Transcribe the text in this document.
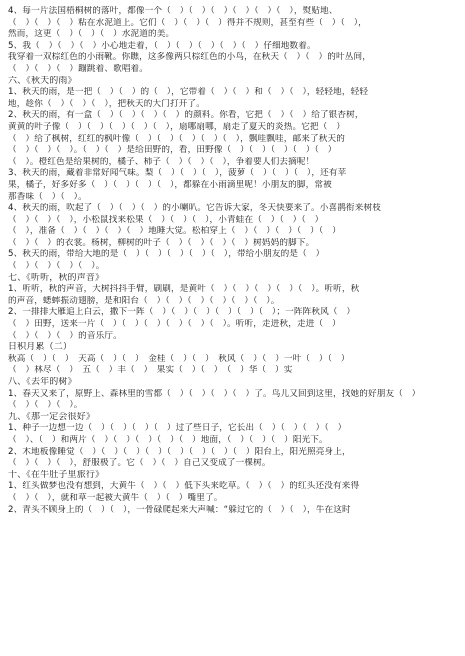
4、每一片法国梧桐树的落叶，都像一个（　）（　）（　）（　）（　）（　），熨贴地、
（　）（　）（　）粘在水泥道上。它们（　）（　）（　）得并不规则，甚至有些（　）（　），
然而，这更（　）（　）（　）水泥道的美。
5、我（　）（　）（　）小心地走着，（　）（　）（　）（　）（　）仔细地数着。
我穿着一双棕红色的小雨靴。你瞧，这多像两只棕红色的小鸟，在秋天（　）（　）的叶丛间，
（　）（　）（　）蹦跳着、歌唱着。
六、《秋天的雨》
1、秋天的雨，是一把（　）（　）的（　），它带着（　）（　）和（　）（　），轻轻地，轻轻
地，趁你（　）（　）（　），把秋天的大门打开了。
2、秋天的雨，有一盒（　）（　）（　）（　）的颜料。你看，它把（　）（　）给了银杏树，
黄黄的叶子像（　）（　）（　）（　）（　），扇哪扇哪，扇走了夏天的炎热。它把（　）
（　）给了枫树，红红的枫叶像（　）（　）（　）（　）（　），飘哇飘哇，邮来了秋天的
（　）（　）（　）。（　）（　）是给田野的，看，田野像（　）（　）（　）（　）（　）
（　）。橙红色是给果树的，橘子、柿子（　）（　）（　），争着要人们去摘呢！
3、秋天的雨，藏着非常好闻气味。梨（　）（　）（　），菠萝（　）（　）（　），还有苹
果，橘子，好多好多（　）（　）（　）（　），都躲在小雨滴里呢！小朋友的脚，常被
那香味（　）（　）。
4、秋天的雨，吹起了（　）（　）（　）的小喇叭。它告诉大家，冬天快要来了。小喜鹊衔来树枝
（　）（　）（　），小松鼠找来松果（　）（　）（　），小青蛙在（　）（　）（　）
（　），准备（　）（　）（　）（　）地睡大觉。松柏穿上（　）（　）（　）（　）（　）
（　）（　）的衣裳。杨树，柳树的叶子（　）（　）（　）（　）树妈妈的脚下。
5、秋天的雨，带给大地的是（　）（　）（　）（　）（　），带给小朋友的是（　）
（　）（　）（　）（　）。
七、《听听，秋的声音》
1、听听，秋的声音，大树抖抖手臂，刷刷，是黄叶（　）（　）（　）（　）（　）。听听，秋
的声音，蟋蟀振动翅膀，是和阳台（　）（　）（　）（　）（　）（　）。
2、一排排大雁追上白云，撒下一阵（　）（　）（　）（　）（　）（　）；一阵阵秋风（　）
（　）田野，送来一片（　）（　）（　）（　）（　）（　）。听听，走进秋，走进（　）
（　）（　）（　）的音乐厅。
日积月累（二）
秋高（　）（　）　天高（　）（　）　金桂（　）（　）　秋风（　）（　）一叶（　）（　）
（　）林尽（　）　五（　）丰（　）　果实（　）（　）　（　）华（　）实
八、《去年的树》
1、春天又来了，原野上、森林里的雪都（　）（　）（　）（　）了。鸟儿又回到这里，找她的好朋友（　）
（　）（　）（　）。
九、《那一定会很好》
1、种子一边想一边（　）（　）（　）（　）过了些日子，它长出（　）（　）（　）（　）
（　）、（　）和两片（　）（　）（　）（　）（　）地面，（　）（　）（　）阳光下。
2、木地板像睡觉（　）（　）（　）（　）（　）（　）（　）（　）阳台上，阳光照亮身上，
（　）（　）（　），舒服极了。它（　）（　）自己又变成了一棵树。
十、《在牛肚子里旅行》
1、红头做梦也没有想到，大黄牛（　）（　）低下头来吃草。（　）（　）的红头还没有来得
（　）（　），就和草一起被大黄牛（　）（　）嘴里了。
2、青头不顾身上的（　）（　），一骨碌爬起来大声喊：“躲过它的（　）（　），牛在这时
